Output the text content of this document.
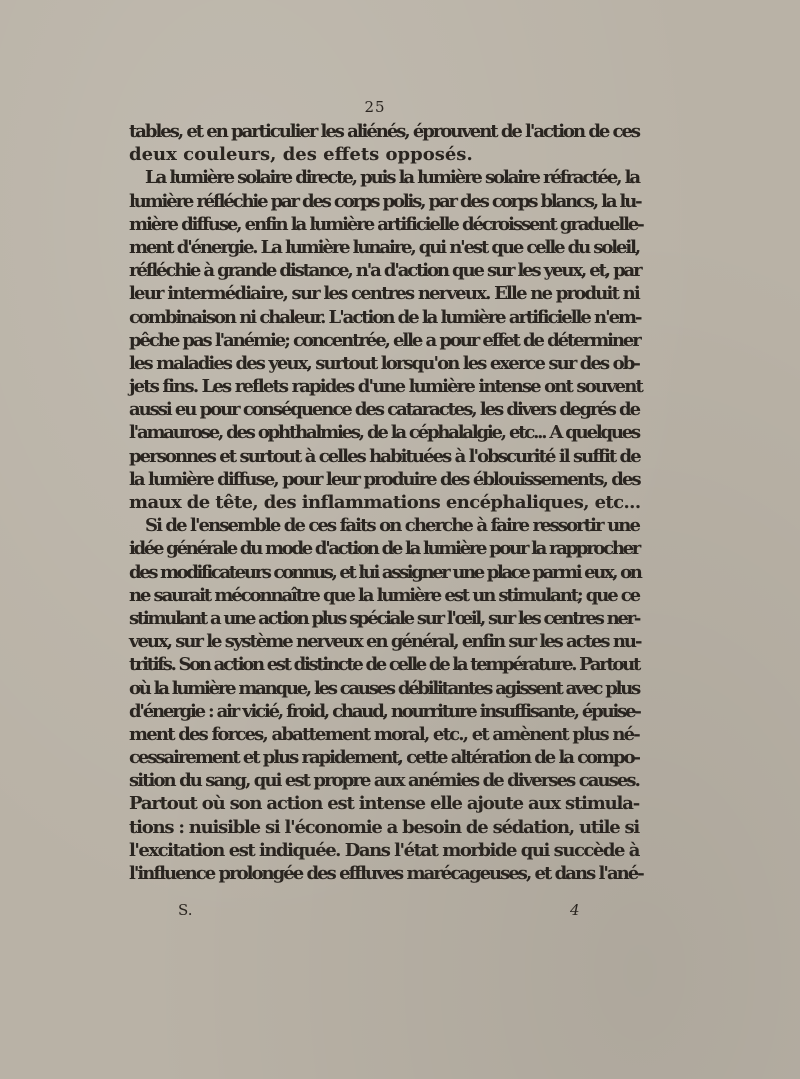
25
tables, et en particulier les aliénés, éprouvent de l'action de ces
deux couleurs, des effets opposés.
La lumière solaire directe, puis la lumière solaire réfractée, la
lumière réfléchie par des corps polis, par des corps blancs, la lu-
mière diffuse, enfin la lumière artificielle décroissent graduelle-
ment d'énergie. La lumière lunaire, qui n'est que celle du soleil,
réfléchie à grande distance, n'a d'action que sur les yeux, et, par
leur intermédiaire, sur les centres nerveux. Elle ne produit ni
combinaison ni chaleur. L'action de la lumière artificielle n'em-
pêche pas l'anémie; concentrée, elle a pour effet de déterminer
les maladies des yeux, surtout lorsqu'on les exerce sur des ob-
jets fins. Les reflets rapides d'une lumière intense ont souvent
aussi eu pour conséquence des cataractes, les divers degrés de
l'amaurose, des ophthalmies, de la céphalalgie, etc... A quelques
personnes et surtout à celles habituées à l'obscurité il suffit de
la lumière diffuse, pour leur produire des éblouissements, des
maux de tête, des inflammations encéphaliques, etc...
Si de l'ensemble de ces faits on cherche à faire ressortir une
idée générale du mode d'action de la lumière pour la rapprocher
des modificateurs connus, et lui assigner une place parmi eux, on
ne saurait méconnaître que la lumière est un stimulant; que ce
stimulant a une action plus spéciale sur l'œil, sur les centres ner-
veux, sur le système nerveux en général, enfin sur les actes nu-
tritifs. Son action est distincte de celle de la température. Partout
où la lumière manque, les causes débilitantes agissent avec plus
d'énergie : air vicié, froid, chaud, nourriture insuffisante, épuise-
ment des forces, abattement moral, etc., et amènent plus né-
cessairement et plus rapidement, cette altération de la compo-
sition du sang, qui est propre aux anémies de diverses causes.
Partout où son action est intense elle ajoute aux stimula-
tions : nuisible si l'économie a besoin de sédation, utile si
l'excitation est indiquée. Dans l'état morbide qui succède à
l'influence prolongée des effluves marécageuses, et dans l'ané-
S.	4
